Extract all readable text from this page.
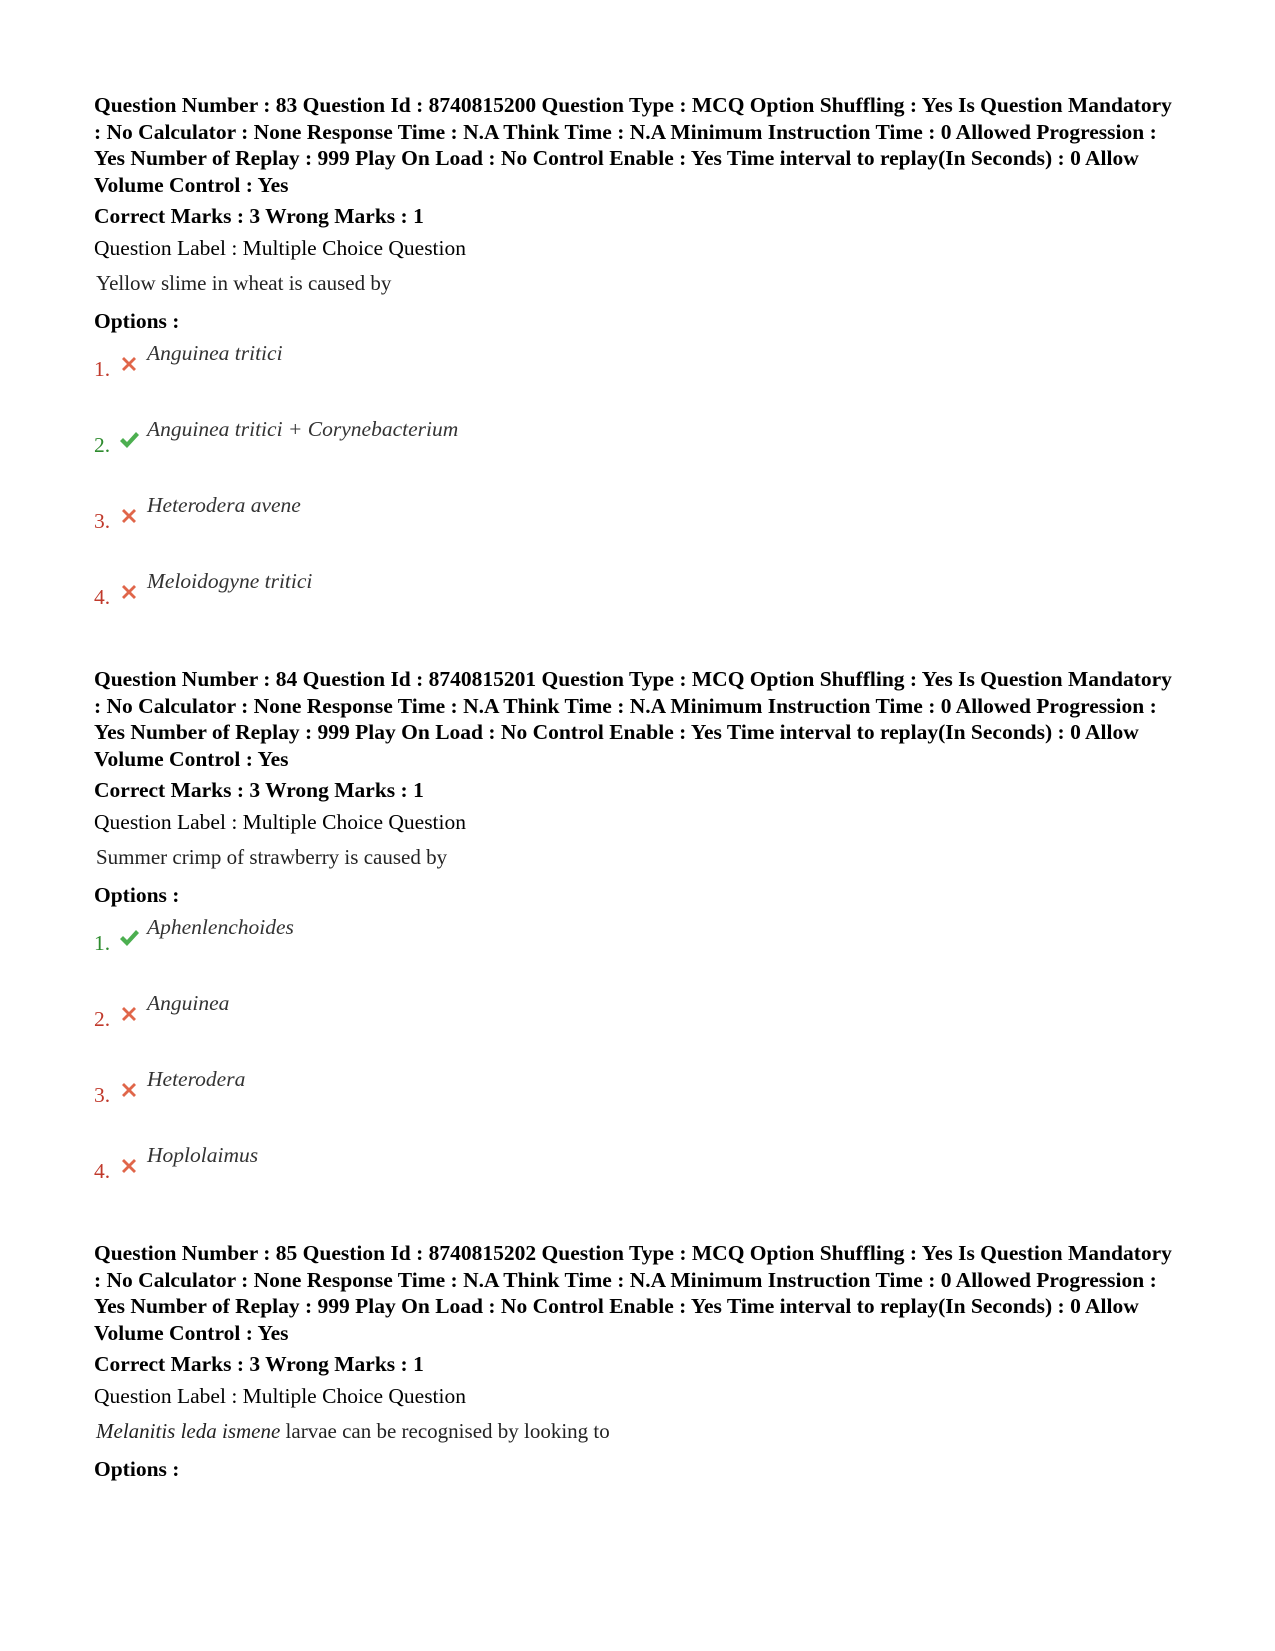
Question Number : 83 Question Id : 8740815200 Question Type : MCQ Option Shuffling : Yes Is Question Mandatory : No Calculator : None Response Time : N.A Think Time : N.A Minimum Instruction Time : 0 Allowed Progression : Yes Number of Replay : 999 Play On Load : No Control Enable : Yes Time interval to replay(In Seconds) : 0 Allow Volume Control : Yes

Correct Marks : 3 Wrong Marks : 1
Question Label : Multiple Choice Question
Yellow slime in wheat is caused by
Options :
1.
Anguinea tritici
2.
Anguinea tritici + Corynebacterium
3.
Heterodera avene
4.
Meloidogyne tritici

Question Number : 84 Question Id : 8740815201 Question Type : MCQ Option Shuffling : Yes Is Question Mandatory : No Calculator : None Response Time : N.A Think Time : N.A Minimum Instruction Time : 0 Allowed Progression : Yes Number of Replay : 999 Play On Load : No Control Enable : Yes Time interval to replay(In Seconds) : 0 Allow Volume Control : Yes

Correct Marks : 3 Wrong Marks : 1
Question Label : Multiple Choice Question
Summer crimp of strawberry is caused by
Options :
1.
Aphenlenchoides
2.
Anguinea
3.
Heterodera
4.
Hoplolaimus

Question Number : 85 Question Id : 8740815202 Question Type : MCQ Option Shuffling : Yes Is Question Mandatory : No Calculator : None Response Time : N.A Think Time : N.A Minimum Instruction Time : 0 Allowed Progression : Yes Number of Replay : 999 Play On Load : No Control Enable : Yes Time interval to replay(In Seconds) : 0 Allow Volume Control : Yes

Correct Marks : 3 Wrong Marks : 1
Question Label : Multiple Choice Question
Melanitis leda ismene larvae can be recognised by looking to
Options :
